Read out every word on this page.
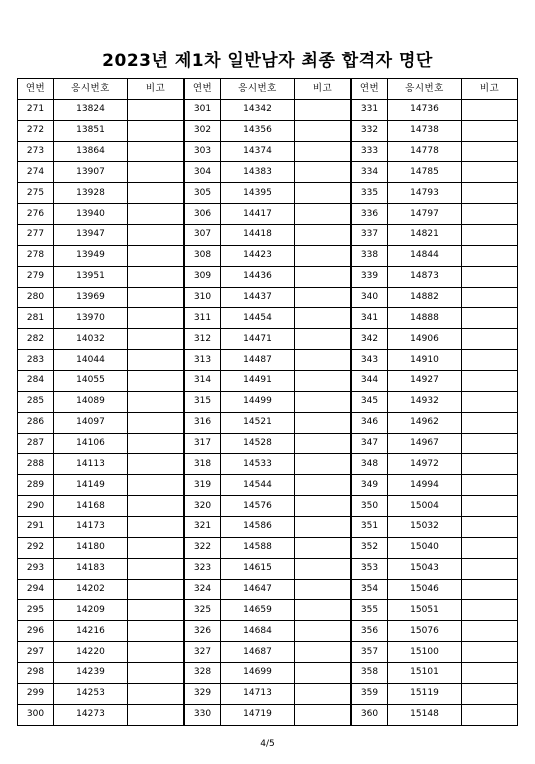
2023년 제1차 일반남자 최종 합격자 명단
연번	응시번호	비고
271	13824	
272	13851	
273	13864	
274	13907	
275	13928	
276	13940	
277	13947	
278	13949	
279	13951	
280	13969	
281	13970	
282	14032	
283	14044	
284	14055	
285	14089	
286	14097	
287	14106	
288	14113	
289	14149	
290	14168	
291	14173	
292	14180	
293	14183	
294	14202	
295	14209	
296	14216	
297	14220	
298	14239	
299	14253	
300	14273	
연번	응시번호	비고
301	14342	
302	14356	
303	14374	
304	14383	
305	14395	
306	14417	
307	14418	
308	14423	
309	14436	
310	14437	
311	14454	
312	14471	
313	14487	
314	14491	
315	14499	
316	14521	
317	14528	
318	14533	
319	14544	
320	14576	
321	14586	
322	14588	
323	14615	
324	14647	
325	14659	
326	14684	
327	14687	
328	14699	
329	14713	
330	14719	
연번	응시번호	비고
331	14736	
332	14738	
333	14778	
334	14785	
335	14793	
336	14797	
337	14821	
338	14844	
339	14873	
340	14882	
341	14888	
342	14906	
343	14910	
344	14927	
345	14932	
346	14962	
347	14967	
348	14972	
349	14994	
350	15004	
351	15032	
352	15040	
353	15043	
354	15046	
355	15051	
356	15076	
357	15100	
358	15101	
359	15119	
360	15148	
4/5
